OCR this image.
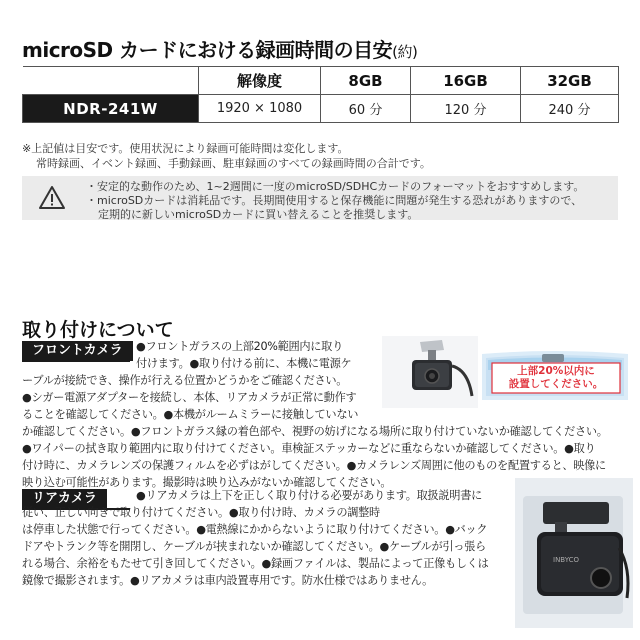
microSD カードにおける録画時間の目安(約)
	解像度	8GB	16GB	32GB
NDR-241W	1920 × 1080	60 分	120 分	240 分
※上記値は目安です。使用状況により録画可能時間は変化します。
常時録画、イベント録画、手動録画、駐車録画のすべての録画時間の合計です。
・安定的な動作のため、1~2週間に一度のmicroSD/SDHCカードのフォーマットをおすすめします。
・microSDカードは消耗品です。長期間使用すると保存機能に問題が発生する恐れがありますので、
定期的に新しいmicroSDカードに買い替えることを推奨します。
取り付けについて
フロントカメラ	●フロントガラスの上部20%範囲内に取り
付けます。●取り付ける前に、本機に電源ケ
ーブルが接続でき、操作が行える位置かどうかをご確認ください。
●シガー電源アダプターを接続し、本体、リアカメラが正常に動作す
ることを確認してください。●本機がルームミラーに接触していない
か確認してください。●フロントガラス縁の着色部や、視野の妨げになる場所に取り付けていないか確認してください。
●ワイパーの拭き取り範囲内に取り付けてください。車検証ステッカーなどに重ならないか確認してください。●取り
付け時に、カメラレンズの保護フィルムを必ずはがしてください。●カメラレンズ周囲に他のものを配置すると、映像に
映り込む可能性があります。撮影時は映り込みがないか確認してください。
上部20%以内に
設置してください。
リアカメラ	●リアカメラは上下を正しく取り付ける必要があります。取扱説明書に
従い、正しい向きで取り付けてください。●取り付け時、カメラの調整時
は停車した状態で行ってください。●電熱線にかからないように取り付けてください。●バック
ドアやトランク等を開閉し、ケーブルが挟まれないか確認してください。●ケーブルが引っ張ら
れる場合、余裕をもたせて引き回してください。●録画ファイルは、製品によって正像もしくは
鏡像で撮影されます。●リアカメラは車内設置専用です。防水仕様ではありません。
INBYCO
